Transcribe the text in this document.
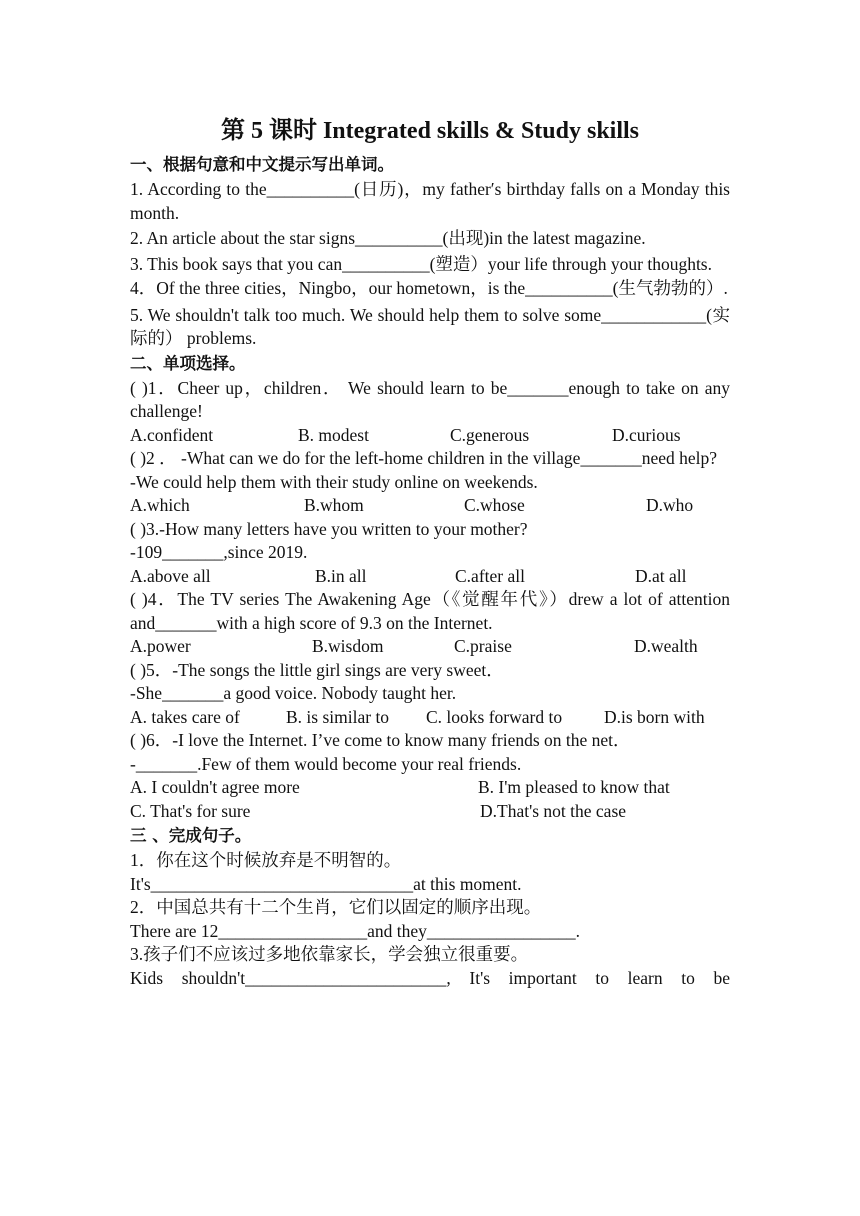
第 5 课时 Integrated skills & Study skills
一、根据句意和中文提示写出单词。

1. According to the__________(日历)，my father′s birthday falls on a Monday this month.

2. An article about the star signs__________(出现)in the latest magazine.

3. This book says that you can__________(塑造）your life through your thoughts.

4．Of the three cities，Ningbo，our hometown，is the__________(生气勃勃的）.

5. We shouldn't talk too much. We should help them to solve some____________(实际的） problems.

二、单项选择。

( )1．Cheer up，children． We should learn to be_______enough to take on any challenge!

A.confident	B. modest	C.generous	D.curious

( )2 ． -What can we do for the left-home children in the village_______need help?

-We could help them with their study online on weekends.

A.which	B.whom	C.whose	D.who

( )3.-How many letters have you written to your mother?

-109_______,since 2019.

A.above all	B.in all	C.after all	D.at all

( )4．The TV series The Awakening Age（《觉醒年代》）drew a lot of attention and_______with a high score of 9.3 on the Internet.

A.power	B.wisdom	C.praise	D.wealth

( )5．-The songs the little girl sings are very sweet．

-She_______a good voice. Nobody taught her.

A. takes care of	B. is similar to	C. looks forward to	D.is born with

( )6．-I love the Internet. I’ve come to know many friends on the net．

-_______.Few of them would become your real friends.

A. I couldn't agree more	B. I'm pleased to know that
C. That's for sure	D.That's not the case
三 、完成句子。

1．你在这个时候放弃是不明智的。

It's______________________________at this moment.

2．中国总共有十二个生肖，它们以固定的顺序出现。

There are 12_________________and they_________________.

3.孩子们不应该过多地依靠家长，学会独立很重要。

Kids shouldn't_______________________, It's important to learn to be
